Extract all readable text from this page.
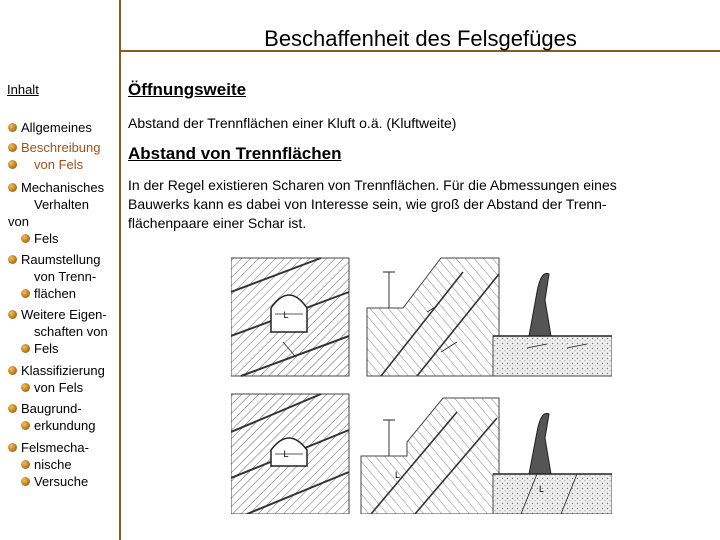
Beschaffenheit des Felsgefüges
Inhalt
Allgemeines
Beschreibung
von Fels
Mechanisches
Verhalten
von
Fels
Raumstellung
von Trenn-
flächen
Weitere Eigen-
schaften von
Fels
Klassifizierung
von Fels
Baugrund-
erkundung
Felsmecha-
nische
Versuche
Öffnungsweite
Abstand der Trennflächen einer Kluft o.ä. (Kluftweite)
Abstand von Trennflächen
In der Regel existieren Scharen von Trennflächen. Für die Abmessungen eines
Bauwerks kann es dabei von Interesse sein, wie groß der Abstand der Trenn-
flächenpaare einer Schar ist.
L
L
L
L
